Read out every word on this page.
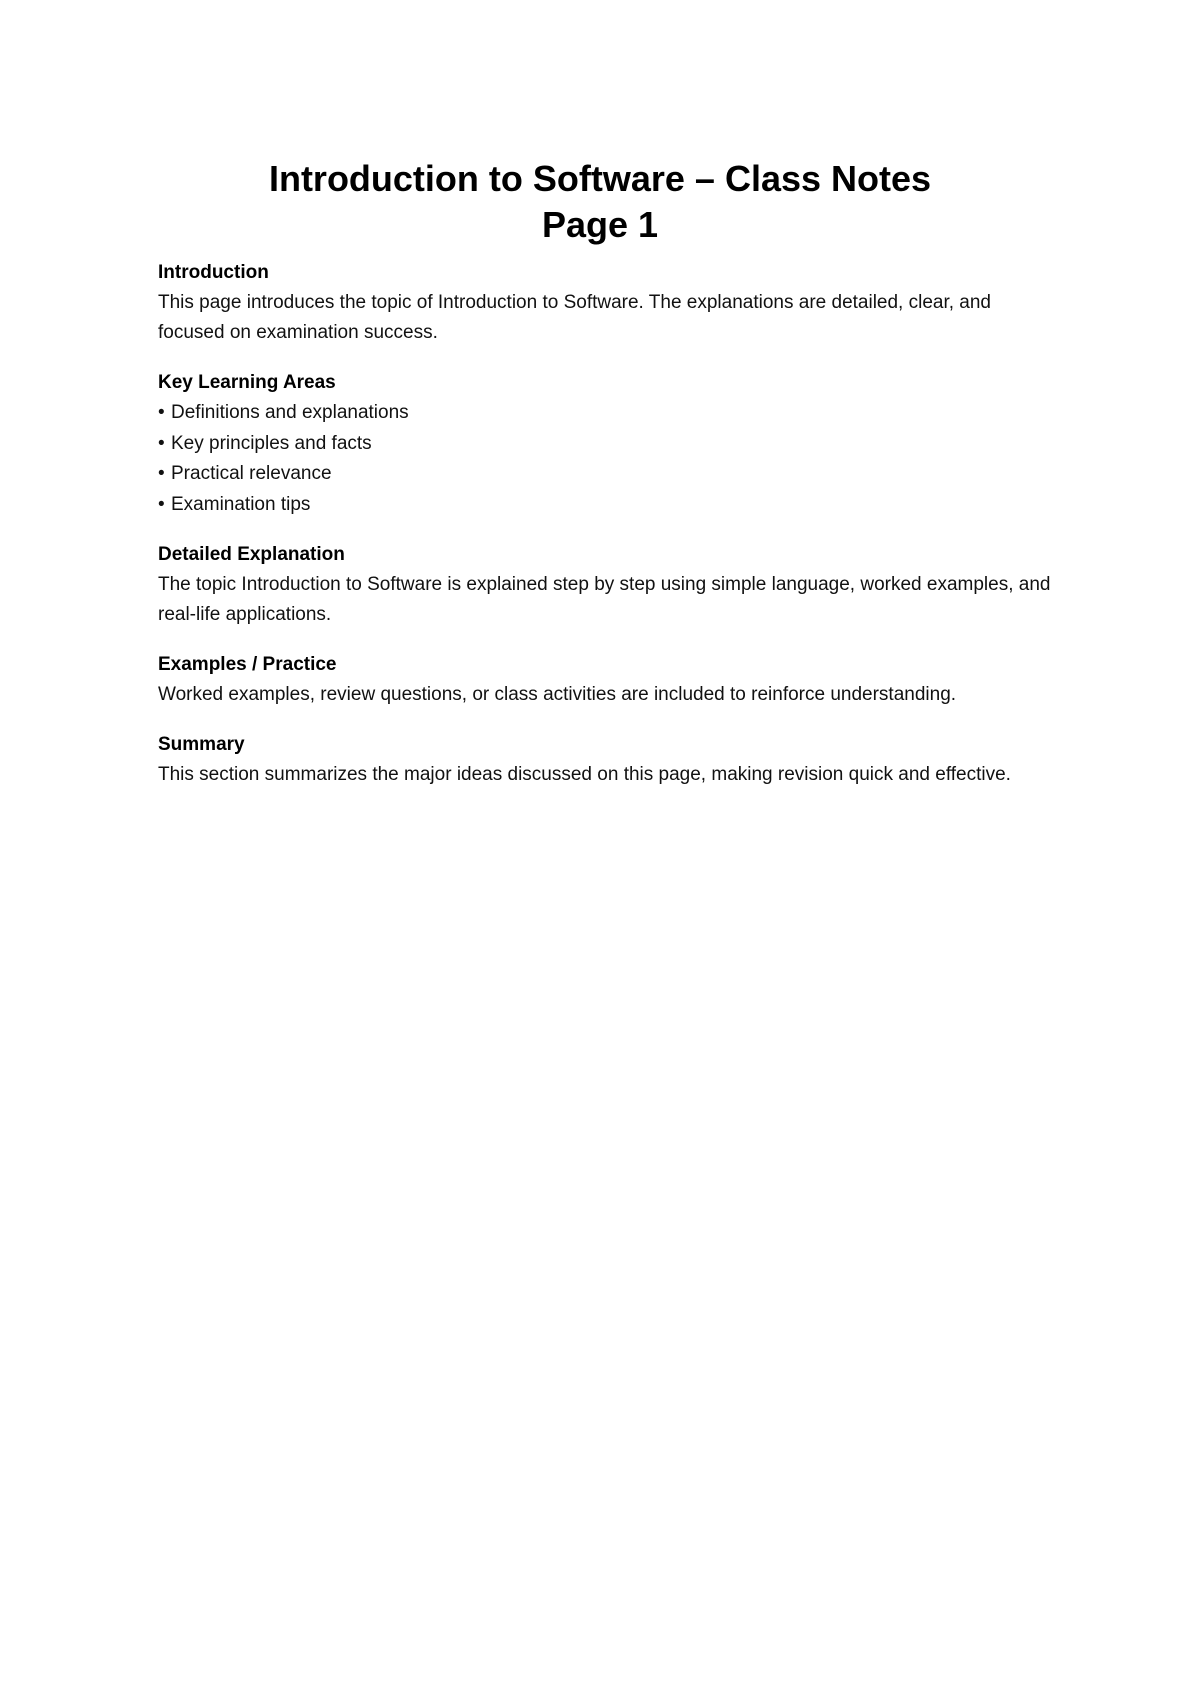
Introduction to Software – Class Notes
Page 1
Introduction
This page introduces the topic of Introduction to Software. The explanations are detailed, clear, and focused on examination success.
Key Learning Areas
• Definitions and explanations
• Key principles and facts
• Practical relevance
• Examination tips
Detailed Explanation
The topic Introduction to Software is explained step by step using simple language, worked examples, and real-life applications.
Examples / Practice
Worked examples, review questions, or class activities are included to reinforce understanding.
Summary
This section summarizes the major ideas discussed on this page, making revision quick and effective.
